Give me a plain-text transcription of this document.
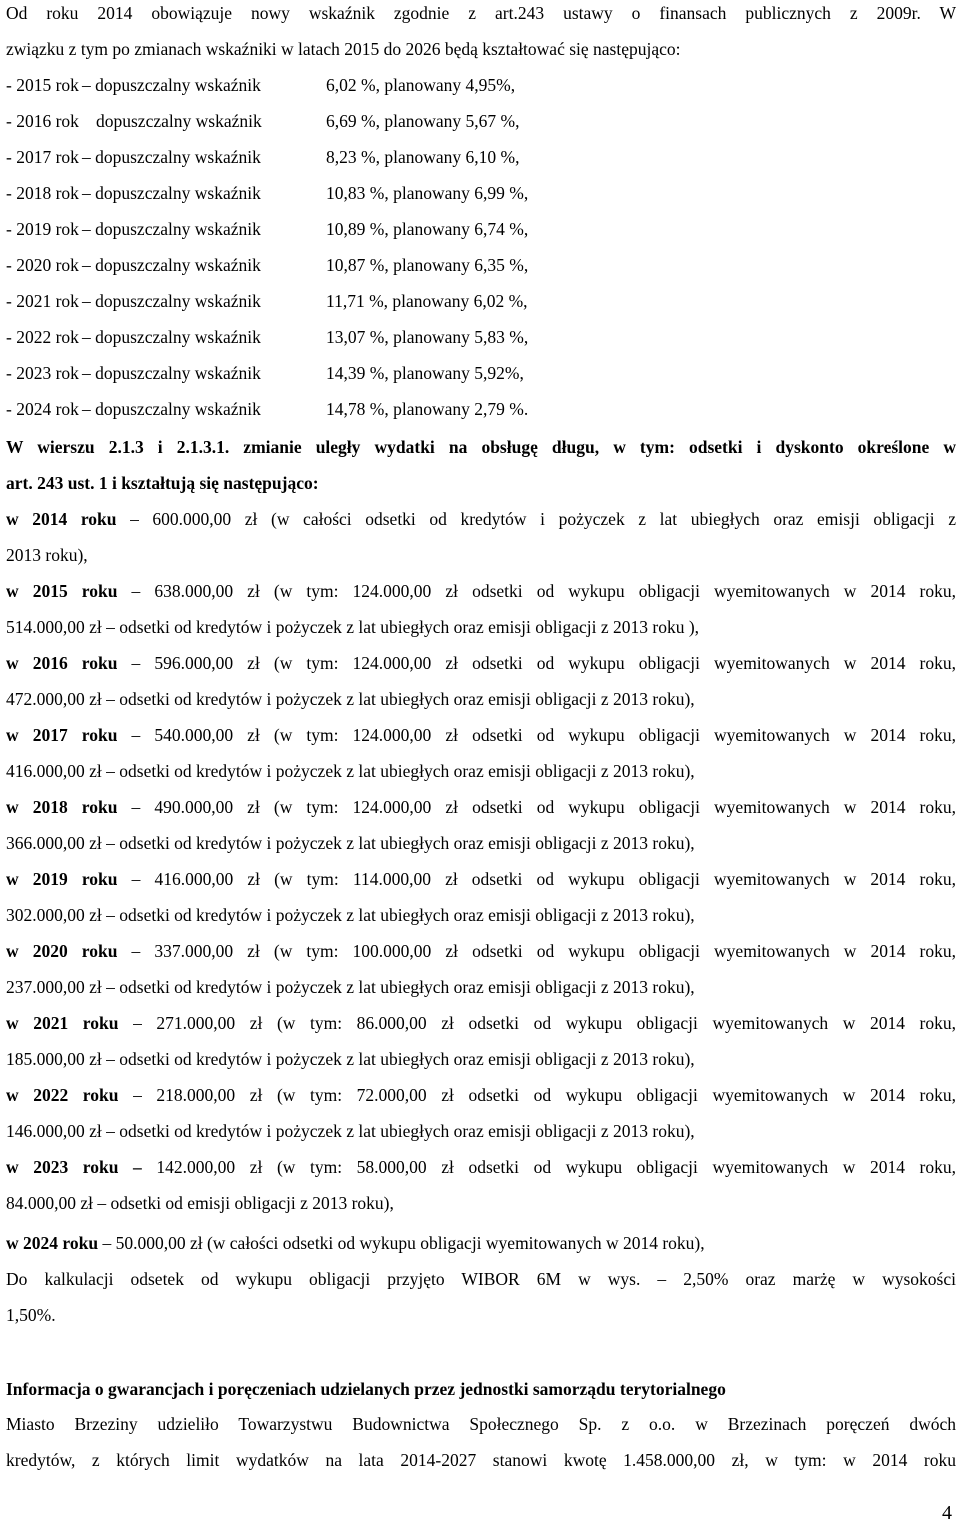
Od roku 2014 obowiązuje nowy wskaźnik zgodnie z art.243 ustawy o finansach publicznych z 2009r. W
związku z tym po zmianach wskaźniki w latach 2015 do 2026 będą kształtować się następująco:
- 2015 rok – dopuszczalny wskaźnik	6,02 %, planowany 4,95%,
- 2016 rok dopuszczalny wskaźnik	6,69 %, planowany 5,67 %,
- 2017 rok – dopuszczalny wskaźnik	8,23 %, planowany 6,10 %,
- 2018 rok – dopuszczalny wskaźnik	10,83 %, planowany 6,99 %,
- 2019 rok – dopuszczalny wskaźnik	10,89 %, planowany 6,74 %,
- 2020 rok – dopuszczalny wskaźnik	10,87 %, planowany 6,35 %,
- 2021 rok – dopuszczalny wskaźnik	11,71 %, planowany 6,02 %,
- 2022 rok – dopuszczalny wskaźnik	13,07 %, planowany 5,83 %,
- 2023 rok – dopuszczalny wskaźnik	14,39 %, planowany 5,92%,
- 2024 rok – dopuszczalny wskaźnik	14,78 %, planowany 2,79 %.
W wierszu 2.1.3 i 2.1.3.1. zmianie uległy wydatki na obsługę długu, w tym: odsetki i dyskonto określone w
art. 243 ust. 1 i kształtują się następująco:
w 2014 roku – 600.000,00 zł (w całości odsetki od kredytów i pożyczek z lat ubiegłych oraz emisji obligacji z
2013 roku),
w 2015 roku – 638.000,00 zł (w tym: 124.000,00 zł odsetki od wykupu obligacji wyemitowanych w 2014 roku,
514.000,00 zł – odsetki od kredytów i pożyczek z lat ubiegłych oraz emisji obligacji z 2013 roku ),
w 2016 roku – 596.000,00 zł (w tym: 124.000,00 zł odsetki od wykupu obligacji wyemitowanych w 2014 roku,
472.000,00 zł – odsetki od kredytów i pożyczek z lat ubiegłych oraz emisji obligacji z 2013 roku),
w 2017 roku – 540.000,00 zł (w tym: 124.000,00 zł odsetki od wykupu obligacji wyemitowanych w 2014 roku,
416.000,00 zł – odsetki od kredytów i pożyczek z lat ubiegłych oraz emisji obligacji z 2013 roku),
w 2018 roku – 490.000,00 zł (w tym: 124.000,00 zł odsetki od wykupu obligacji wyemitowanych w 2014 roku,
366.000,00 zł – odsetki od kredytów i pożyczek z lat ubiegłych oraz emisji obligacji z 2013 roku),
w 2019 roku – 416.000,00 zł (w tym: 114.000,00 zł odsetki od wykupu obligacji wyemitowanych w 2014 roku,
302.000,00 zł – odsetki od kredytów i pożyczek z lat ubiegłych oraz emisji obligacji z 2013 roku),
w 2020 roku – 337.000,00 zł (w tym: 100.000,00 zł odsetki od wykupu obligacji wyemitowanych w 2014 roku,
237.000,00 zł – odsetki od kredytów i pożyczek z lat ubiegłych oraz emisji obligacji z 2013 roku),
w 2021 roku – 271.000,00 zł (w tym: 86.000,00 zł odsetki od wykupu obligacji wyemitowanych w 2014 roku,
185.000,00 zł – odsetki od kredytów i pożyczek z lat ubiegłych oraz emisji obligacji z 2013 roku),
w 2022 roku – 218.000,00 zł (w tym: 72.000,00 zł odsetki od wykupu obligacji wyemitowanych w 2014 roku,
146.000,00 zł – odsetki od kredytów i pożyczek z lat ubiegłych oraz emisji obligacji z 2013 roku),
w 2023 roku – 142.000,00 zł (w tym: 58.000,00 zł odsetki od wykupu obligacji wyemitowanych w 2014 roku,
84.000,00 zł – odsetki od emisji obligacji z 2013 roku),
w 2024 roku – 50.000,00 zł (w całości odsetki od wykupu obligacji wyemitowanych w 2014 roku),
Do kalkulacji odsetek od wykupu obligacji przyjęto WIBOR 6M w wys. – 2,50% oraz marżę w wysokości
1,50%.
Informacja o gwarancjach i poręczeniach udzielanych przez jednostki samorządu terytorialnego
Miasto Brzeziny udzieliło Towarzystwu Budownictwa Społecznego Sp. z o.o. w Brzezinach poręczeń dwóch
kredytów, z których limit wydatków na lata 2014-2027 stanowi kwotę 1.458.000,00 zł, w tym: w 2014 roku
4
